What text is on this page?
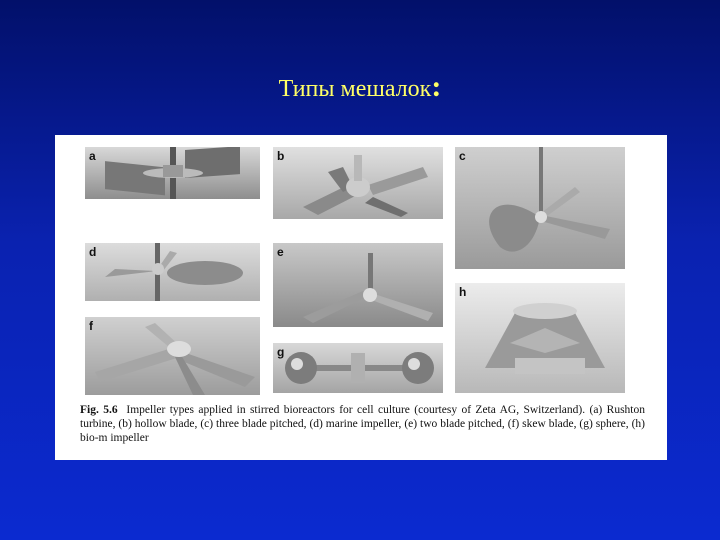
Типы мешалок:
a	b	c
d	e
h
f
g
Fig. 5.6 Impeller types applied in stirred bioreactors for cell culture (courtesy of Zeta AG, Switzerland). (a) Rushton turbine, (b) hollow blade, (c) three blade pitched, (d) marine impeller, (e) two blade pitched, (f) skew blade, (g) sphere, (h) bio-m impeller
